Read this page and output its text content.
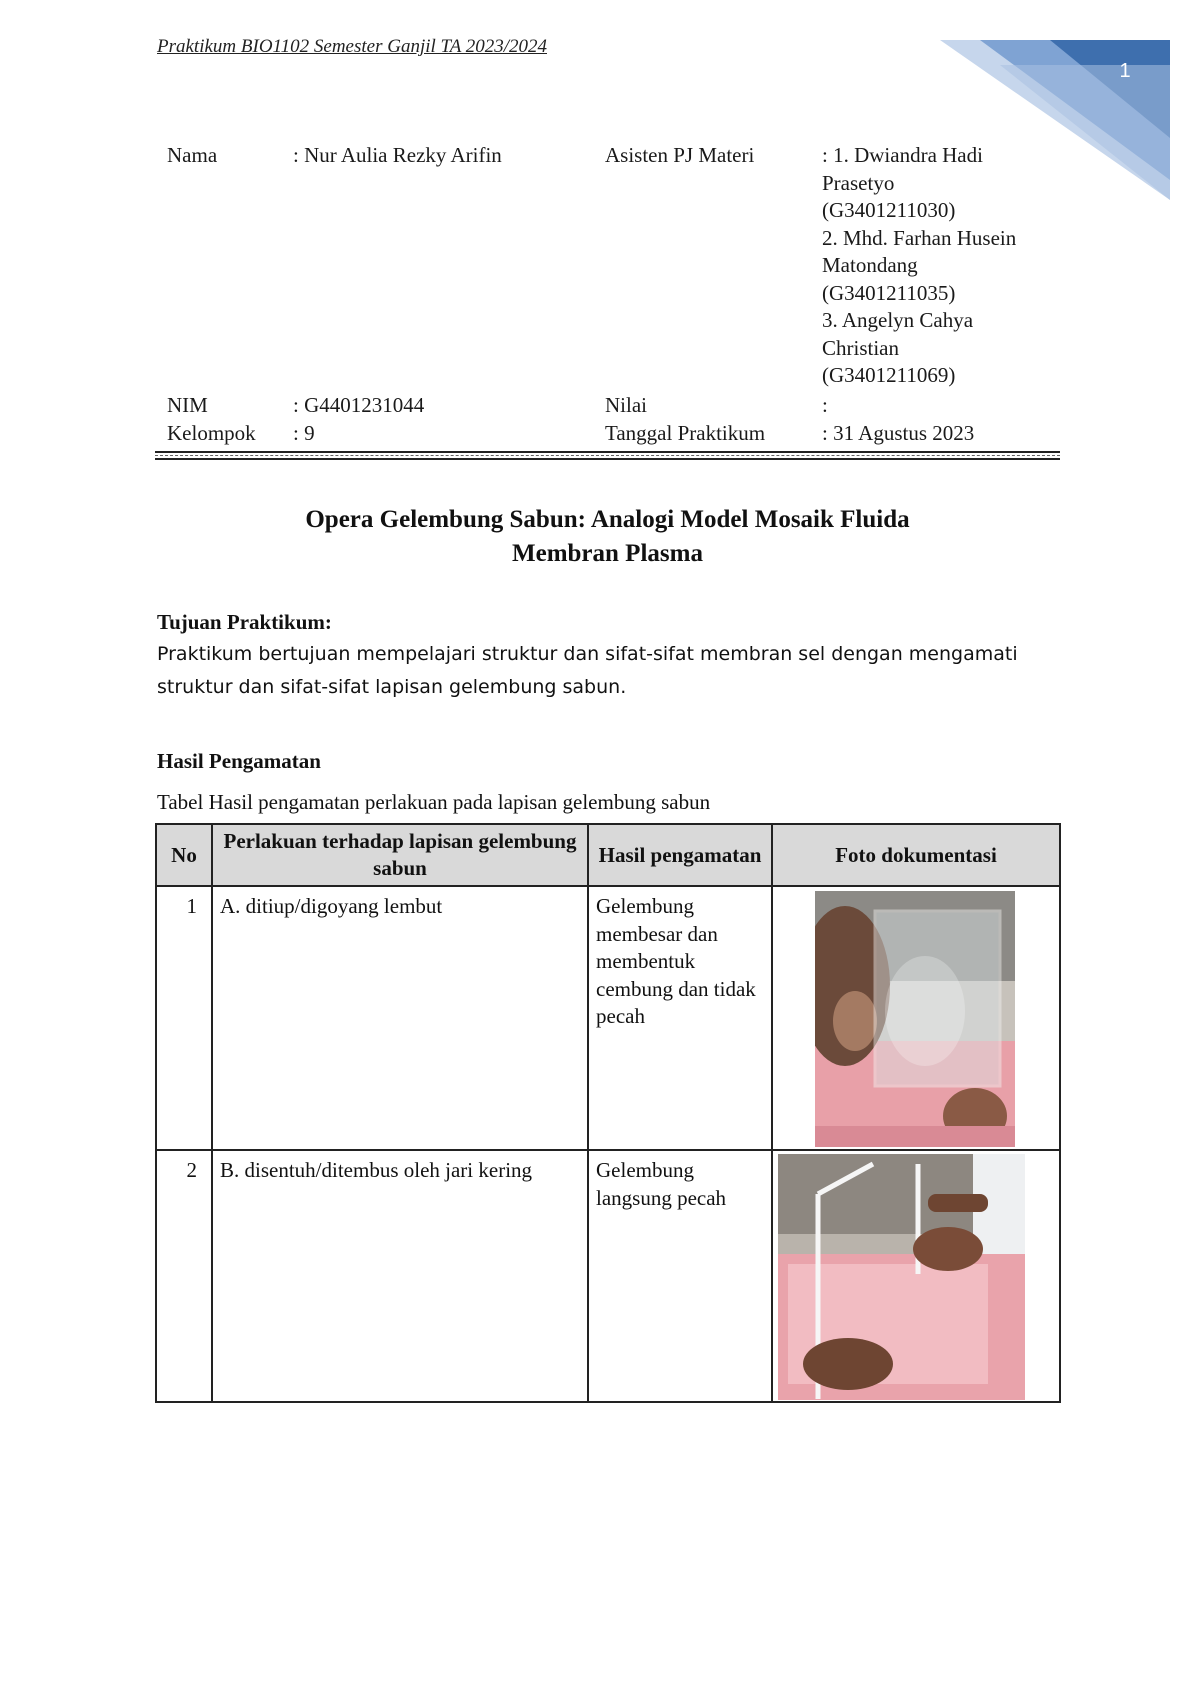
Praktikum BIO1102 Semester Ganjil TA 2023/2024
1
Nama	: Nur Aulia Rezky Arifin	Asisten PJ Materi	: 1. Dwiandra Hadi
Prasetyo
(G3401211030)
2. Mhd. Farhan Husein
Matondang
(G3401211035)
3. Angelyn Cahya
Christian
(G3401211069)
NIM	: G4401231044	Nilai	:
Kelompok : 9	Tanggal Praktikum	: 31 Agustus 2023
Opera Gelembung Sabun: Analogi Model Mosaik Fluida
Membran Plasma
Tujuan Praktikum:
Praktikum bertujuan mempelajari struktur dan sifat-sifat membran sel dengan mengamati struktur dan sifat-sifat lapisan gelembung sabun.
Hasil Pengamatan
Tabel Hasil pengamatan perlakuan pada lapisan gelembung sabun
No	Perlakuan terhadap lapisan gelembung sabun	Hasil pengamatan	Foto dokumentasi
1	A. ditiup/digoyang lembut	Gelembung membesar dan membentuk cembung dan tidak pecah	

2	B. disentuh/ditembus oleh jari kering	Gelembung langsung pecah	
